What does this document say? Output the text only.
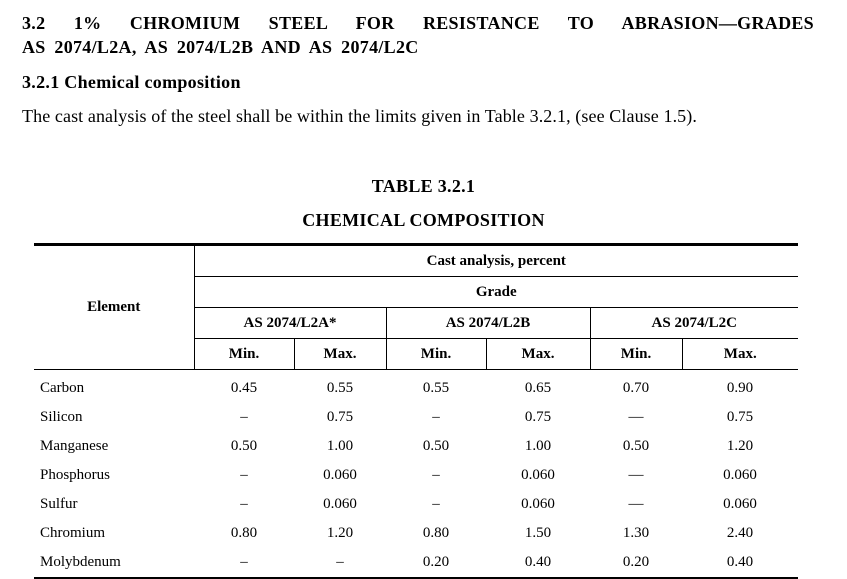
3.2 1% CHROMIUM STEEL FOR RESISTANCE TO ABRASION—GRADES
AS 2074/L2A, AS 2074/L2B AND AS 2074/L2C
3.2.1 Chemical composition

The cast analysis of the steel shall be within the limits given in Table 3.2.1, (see Clause 1.5).

TABLE 3.2.1
CHEMICAL COMPOSITION
Element	Cast analysis, percent					
	Grade					
	AS 2074/L2A*		AS 2074/L2B		AS 2074/L2C	
	Min.	Max.	Min.	Max.	Min.	Max.
Carbon	0.45	0.55	0.55	0.65	0.70	0.90
Silicon	–	0.75	–	0.75	—	0.75
Manganese	0.50	1.00	0.50	1.00	0.50	1.20
Phosphorus	–	0.060	–	0.060	—	0.060
Sulfur	–	0.060	–	0.060	—	0.060
Chromium	0.80	1.20	0.80	1.50	1.30	2.40
Molybdenum	–	–	0.20	0.40	0.20	0.40
